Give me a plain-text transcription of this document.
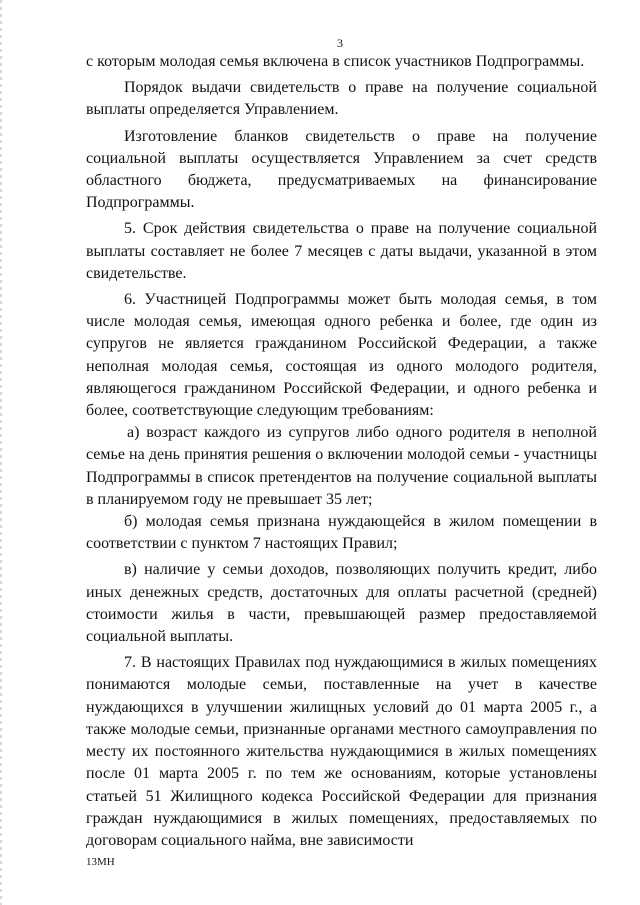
3

с которым молодая семья включена в список участников Подпрограммы.

Порядок выдачи свидетельств о праве на получение социальной выплаты определяется Управлением.

Изготовление бланков свидетельств о праве на получение социальной выплаты осуществляется Управлением за счет средств областного бюджета, предусматриваемых на финансирование Подпрограммы.

5. Срок действия свидетельства о праве на получение социальной выплаты составляет не более 7 месяцев с даты выдачи, указанной в этом свидетельстве.

6. Участницей Подпрограммы может быть молодая семья, в том числе молодая семья, имеющая одного ребенка и более, где один из супругов не является гражданином Российской Федерации, а также неполная молодая семья, состоящая из одного молодого родителя, являющегося гражданином Российской Федерации, и одного ребенка и более, соответствующие следующим требованиям:

а) возраст каждого из супругов либо одного родителя в неполной семье на день принятия решения о включении молодой семьи - участницы Подпрограммы в список претендентов на получение социальной выплаты в планируемом году не превышает 35 лет;

б) молодая семья признана нуждающейся в жилом помещении в соответствии с пунктом 7 настоящих Правил;

в) наличие у семьи доходов, позволяющих получить кредит, либо иных денежных средств, достаточных для оплаты расчетной (средней) стоимости жилья в части, превышающей размер предоставляемой социальной выплаты.

7. В настоящих Правилах под нуждающимися в жилых помещениях понимаются молодые семьи, поставленные на учет в качестве нуждающихся в улучшении жилищных условий до 01 марта 2005 г., а также молодые семьи, признанные органами местного самоуправления по месту их постоянного жительства нуждающимися в жилых помещениях после 01 марта 2005 г. по тем же основаниям, которые установлены статьей 51 Жилищного кодекса Российской Федерации для признания граждан нуждающимися в жилых помещениях, предоставляемых по договорам социального найма, вне зависимости

13МН
